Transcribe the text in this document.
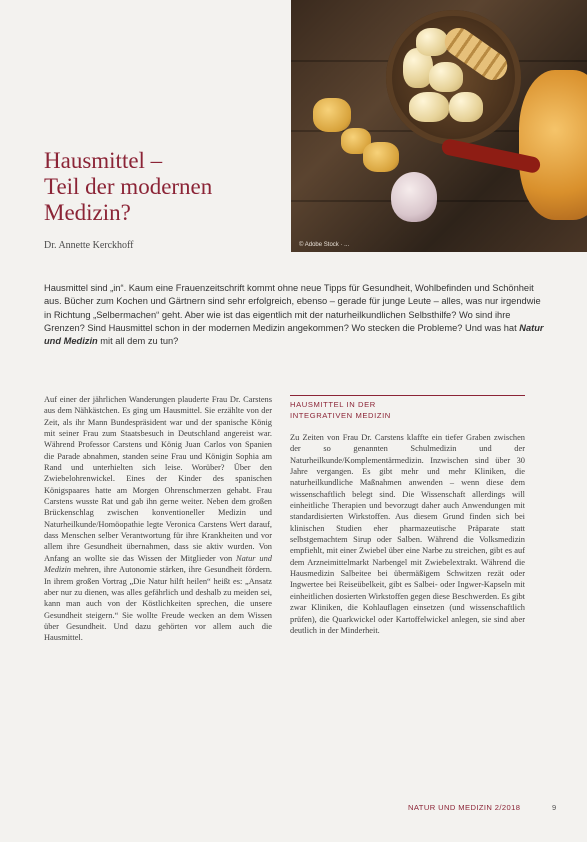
© Adobe Stock · ...
Hausmittel –
Teil der modernen
Medizin?
Dr. Annette Kerckhoff

Hausmittel sind „in“. Kaum eine Frauenzeitschrift kommt ohne neue Tipps für Gesundheit, Wohlbefinden und Schönheit aus. Bücher zum Kochen und Gärtnern sind sehr erfolgreich, ebenso – gerade für junge Leute – alles, was nur irgendwie in Richtung „Selbermachen“ geht. Aber wie ist das eigentlich mit der naturheilkundlichen Selbsthilfe? Wo sind ihre Grenzen? Sind Hausmittel schon in der modernen Medizin angekommen? Wo stecken die Probleme? Und was hat Natur und Medizin mit all dem zu tun?

Auf einer der jährlichen Wanderungen plauderte Frau Dr. Carstens aus dem Nähkästchen. Es ging um Hausmittel. Sie erzählte von der Zeit, als ihr Mann Bundespräsident war und der spanische König mit seiner Frau zum Staatsbesuch in Deutschland angereist war. Während Professor Carstens und König Juan Carlos von Spanien die Parade abnahmen, standen seine Frau und Königin Sophia am Rand und unterhielten sich leise. Worüber? Über den Zwiebelohrenwickel. Eines der Kinder des spanischen Königspaares hatte am Morgen Ohrenschmerzen gehabt. Frau Carstens wusste Rat und gab ihn gerne weiter. Neben dem großen Brückenschlag zwischen konventioneller Medizin und Naturheilkunde/Homöopathie legte Veronica Carstens Wert darauf, dass Menschen selber Verantwortung für ihre Krankheiten und vor allem ihre Gesundheit übernahmen, dass sie aktiv wurden. Von Anfang an wollte sie das Wissen der Mitglieder von Natur und Medizin mehren, ihre Autonomie stärken, ihre Gesundheit fördern. In ihrem großen Vortrag „Die Natur hilft heilen“ heißt es: „Ansatz aber nur zu dienen, was alles gefährlich und deshalb zu meiden sei, kann man auch von der Köstlichkeiten sprechen, die unsere Gesundheit steigern.“ Sie wollte Freude wecken an dem Wissen über Gesundheit. Und dazu gehörten vor allem auch die Hausmittel.

HAUSMITTEL IN DER
INTEGRATIVEN MEDIZIN

Zu Zeiten von Frau Dr. Carstens klaffte ein tiefer Graben zwischen der so genannten Schulmedizin und der Naturheilkunde/Komplementärmedizin. Inzwischen sind über 30 Jahre vergangen. Es gibt mehr und mehr Kliniken, die naturheilkundliche Maßnahmen anwenden – wenn diese dem wissenschaftlich belegt sind. Die Wissenschaft allerdings will einheitliche Therapien und bevorzugt daher auch Anwendungen mit standardisierten Wirkstoffen. Aus diesem Grund finden sich bei klinischen Studien eher pharmazeutische Präparate statt selbstgemachtem Sirup oder Salben. Während die Volksmedizin empfiehlt, mit einer Zwiebel über eine Narbe zu streichen, gibt es auf dem Arzneimittelmarkt Narbengel mit Zwiebelextrakt. Während die Hausmedizin Salbeitee bei übermäßigem Schwitzen rezät oder Ingwertee bei Reiseübelkeit, gibt es Salbei- oder Ingwer-Kapseln mit einheitlichen dosierten Wirkstoffen gegen diese Beschwerden. Es gibt zwar Kliniken, die Kohlauflagen einsetzen (und wissenschaftlich prüfen), die Quarkwickel oder Kartoffelwickel anlegen, sie sind aber deutlich in der Minderheit.

NATUR UND MEDIZIN 2/2018	9
